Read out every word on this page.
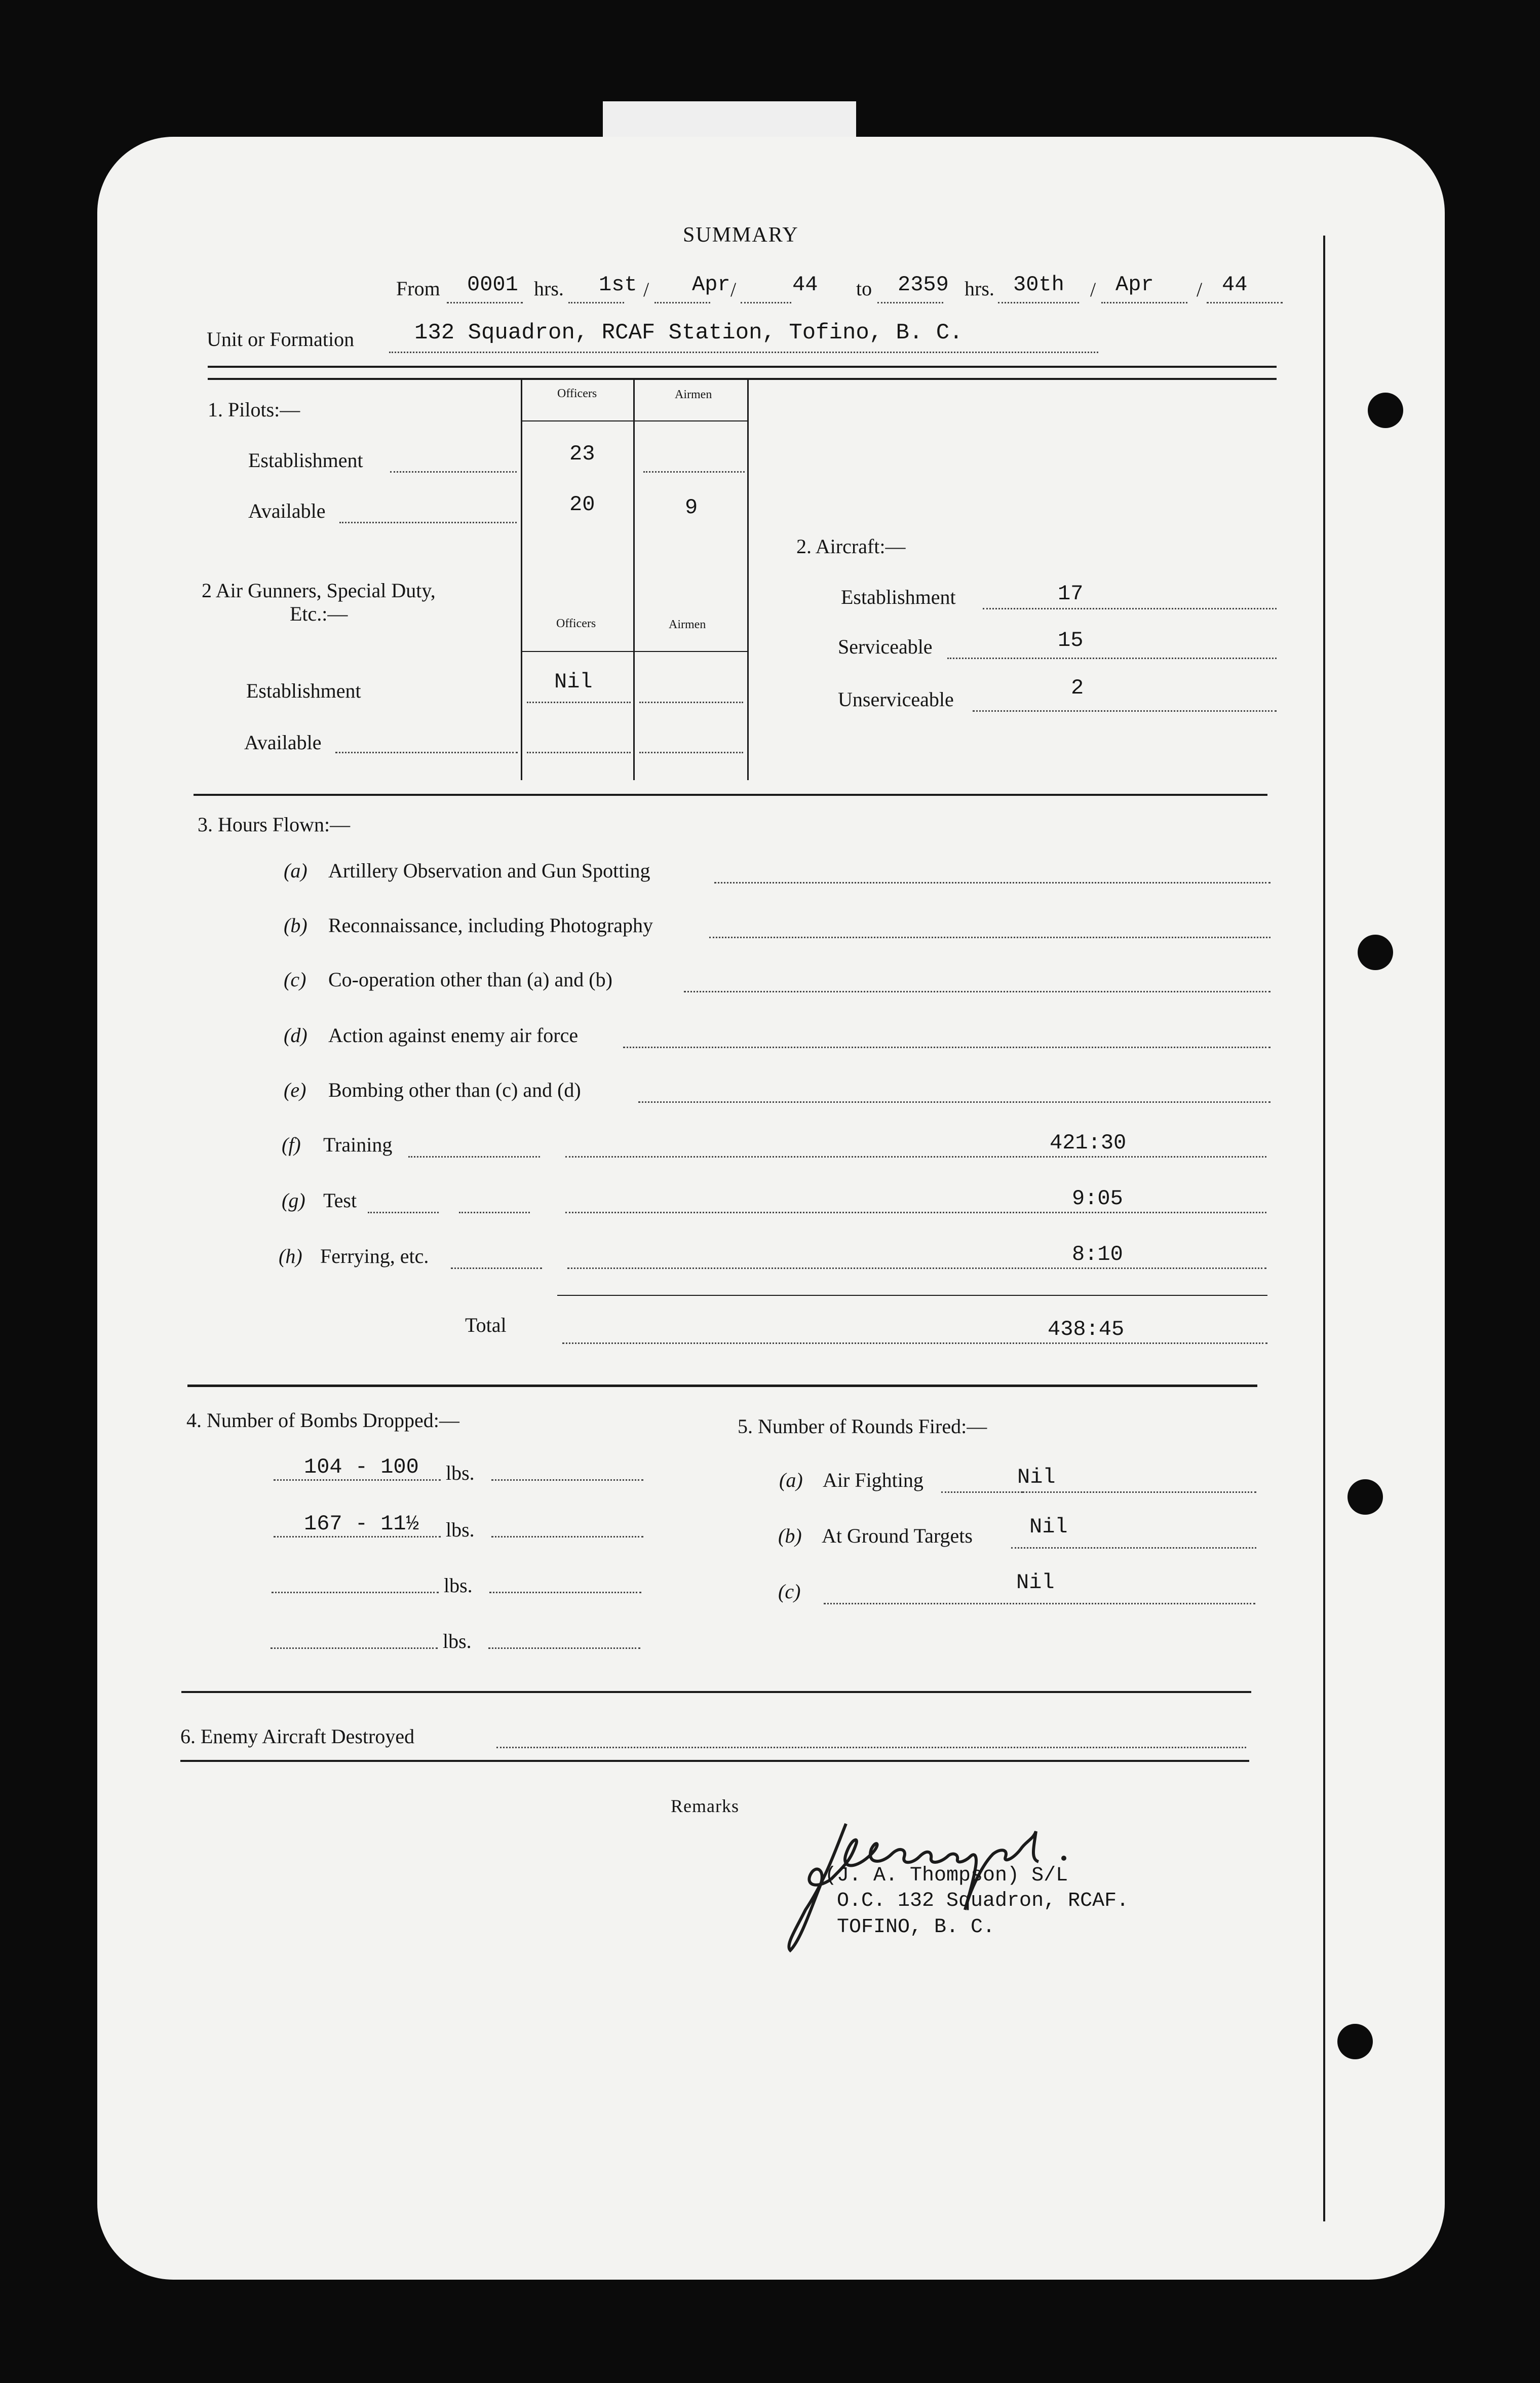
SUMMARY
From 0001 hrs. 1st / Apr /	44 to 2359 hrs. 30th / Apr / 44
Unit or Formation	132 Squadron, RCAF Station, Tofino, B. C.
1. Pilots:—
Officers	Airmen
Establishment	23
Available	20	9
2 Air Gunners, Special Duty,
Etc.:—	Officers	Airmen
Establishment	Nil
Available
2. Aircraft:—
Establishment	17
Serviceable	15
Unserviceable	2
3. Hours Flown:—
(a) Artillery Observation and Gun Spotting
(b) Reconnaissance, including Photography
(c) Co-operation other than (a) and (b)
(d) Action against enemy air force
(e) Bombing other than (c) and (d)
(f) Training	421:30
(g) Test	9:05
(h) Ferrying, etc.	8:10
Total	438:45
4. Number of Bombs Dropped:—
104 - 100 lbs.
167 - 11½ lbs.
lbs.
lbs.
5. Number of Rounds Fired:—
(a) Air Fighting	Nil
(b) At Ground Targets	Nil
(c)	Nil
6. Enemy Aircraft Destroyed
Remarks
(J. A. Thompson) S/L
O.C. 132 Squadron, RCAF.
TOFINO, B. C.
